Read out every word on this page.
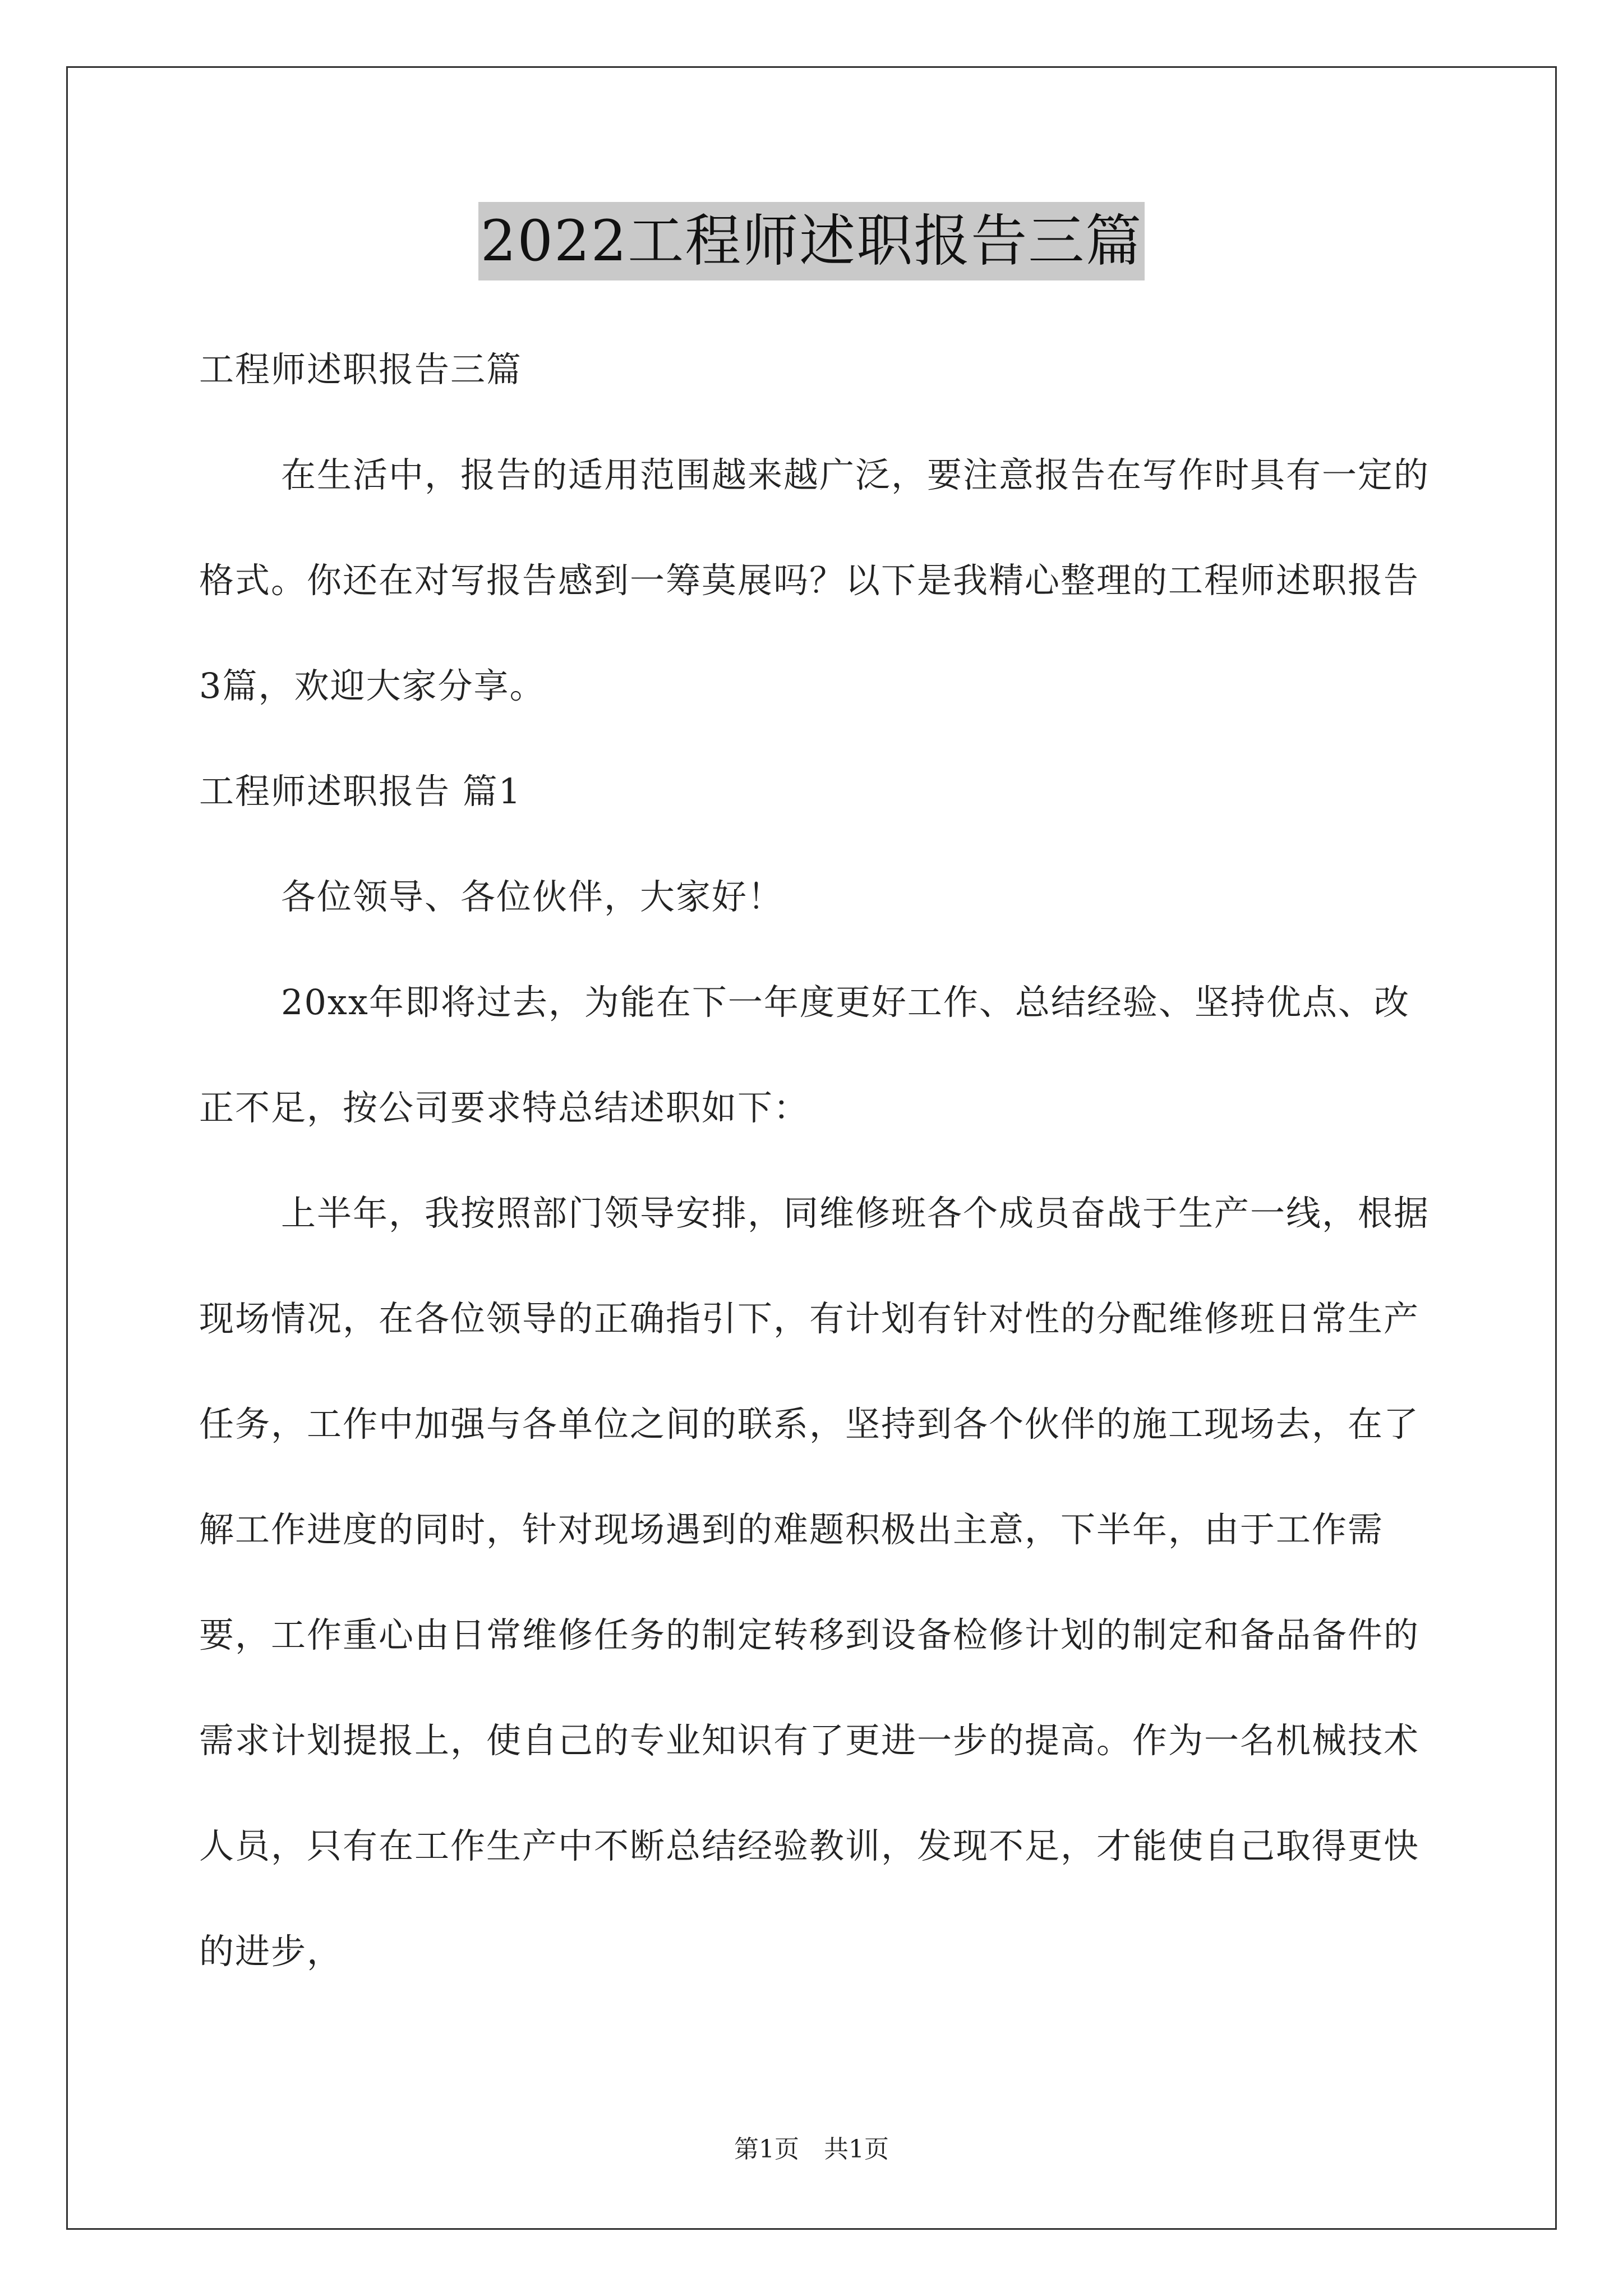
2022工程师述职报告三篇

工程师述职报告三篇

在生活中，报告的适用范围越来越广泛，要注意报告在写作时具有一定的格式。你还在对写报告感到一筹莫展吗？以下是我精心整理的工程师述职报告3篇，欢迎大家分享。

工程师述职报告 篇1

各位领导、各位伙伴，大家好！

20xx年即将过去，为能在下一年度更好工作、总结经验、坚持优点、改正不足，按公司要求特总结述职如下：

上半年，我按照部门领导安排，同维修班各个成员奋战于生产一线，根据现场情况，在各位领导的正确指引下，有计划有针对性的分配维修班日常生产任务，工作中加强与各单位之间的联系，坚持到各个伙伴的施工现场去，在了解工作进度的同时，针对现场遇到的难题积极出主意，下半年，由于工作需要，工作重心由日常维修任务的制定转移到设备检修计划的制定和备品备件的需求计划提报上，使自己的专业知识有了更进一步的提高。作为一名机械技术人员，只有在工作生产中不断总结经验教训，发现不足，才能使自己取得更快的进步，

第1页　共1页
